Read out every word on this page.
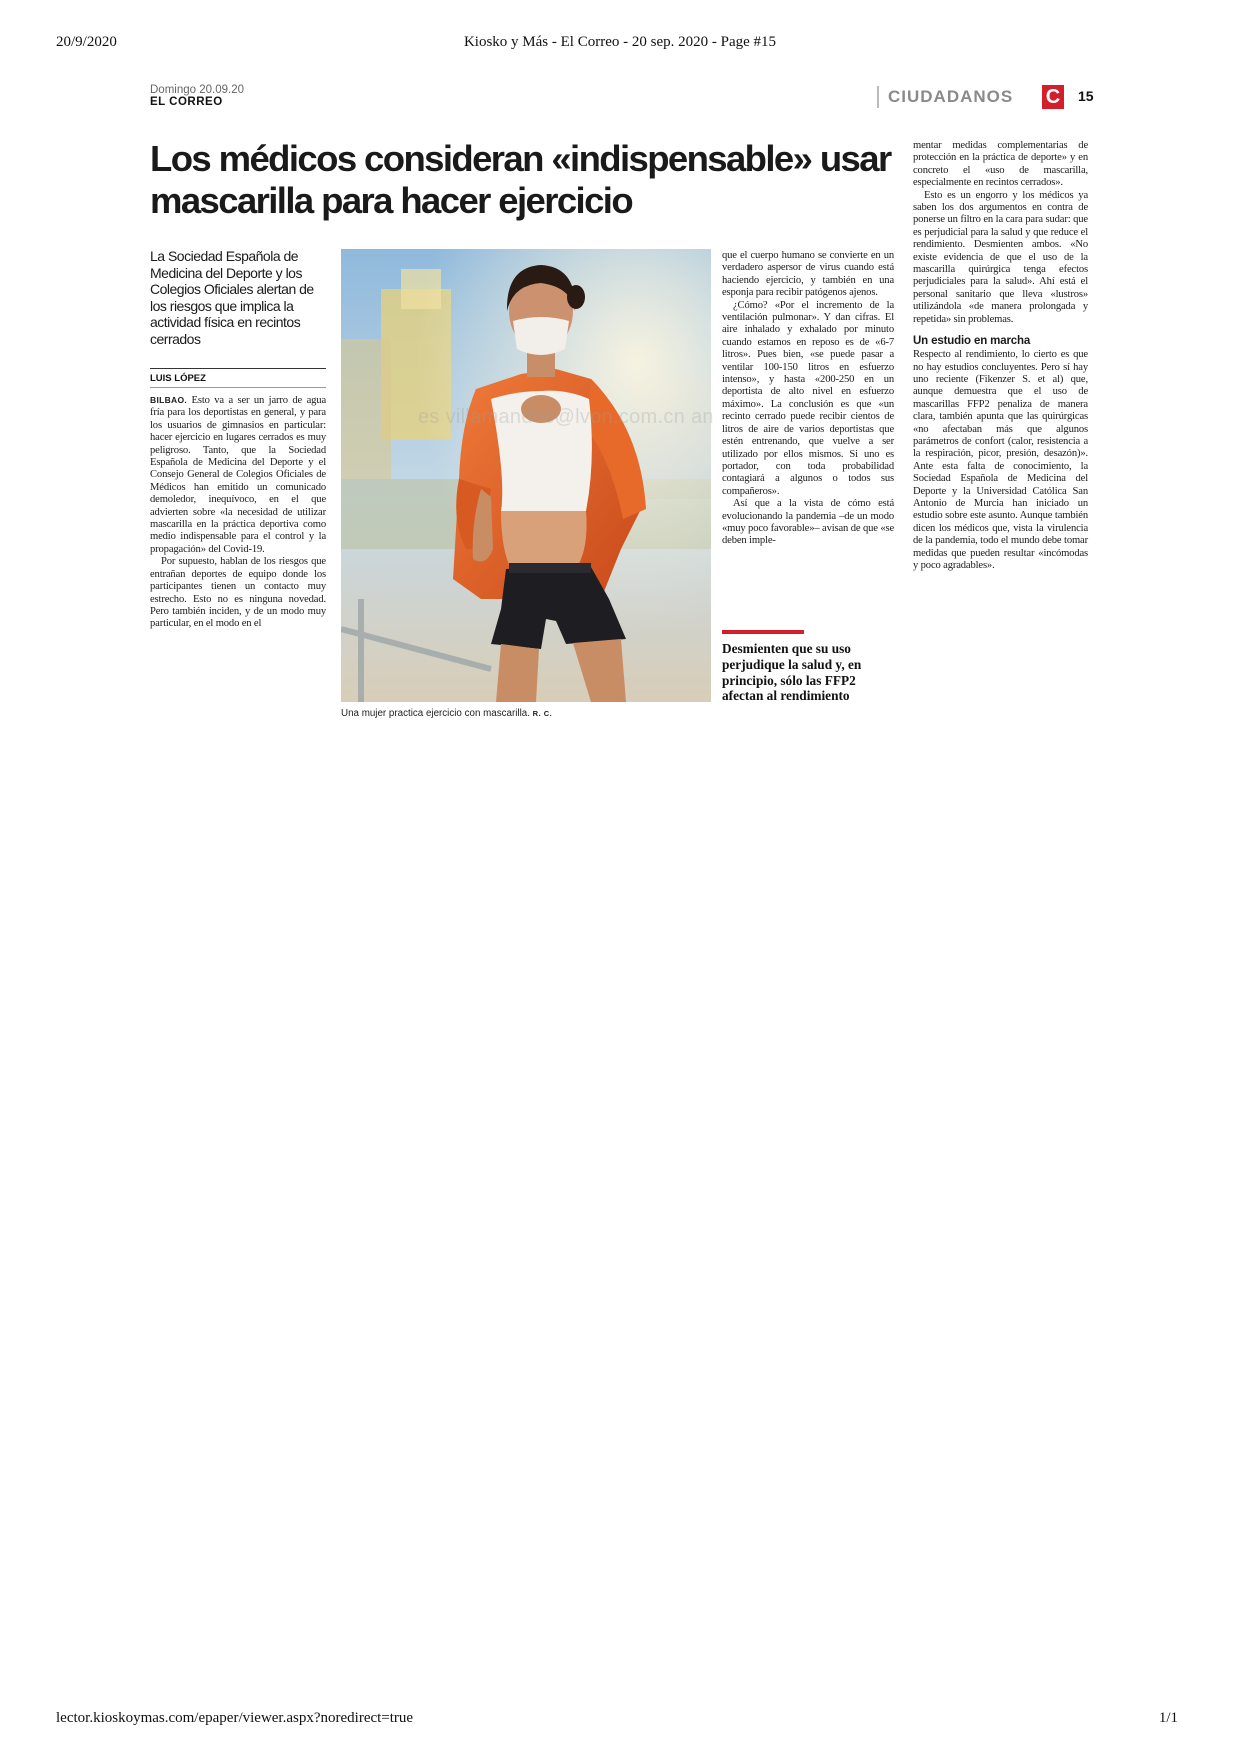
20/9/2020	Kiosko y Más - El Correo - 20 sep. 2020 - Page #15
Domingo 20.09.20
EL CORREO	CIUDADANOS C 15
Los médicos consideran «indispensable» usar mascarilla para hacer ejercicio
La Sociedad Española de Medicina del Deporte y los Colegios Oficiales alertan de los riesgos que implica la actividad física en recintos cerrados
LUIS LÓPEZ

BILBAO. Esto va a ser un jarro de agua fría para los deportistas en general, y para los usuarios de gimnasios en particular: hacer ejercicio en lugares cerrados es muy peligroso. Tanto, que la Sociedad Española de Medicina del Deporte y el Consejo General de Colegios Oficiales de Médicos han emitido un comunicado demoledor, inequívoco, en el que advierten sobre «la necesidad de utilizar mascarilla en la práctica deportiva como medio indispensable para el control y la propagación» del Covid-19.

Por supuesto, hablan de los riesgos que entrañan deportes de equipo donde los participantes tienen un contacto muy estrecho. Esto no es ninguna novedad. Pero también inciden, y de un modo muy particular, en el modo en el

Una mujer practica ejercicio con mascarilla. R. C.

que el cuerpo humano se convierte en un verdadero aspersor de virus cuando está haciendo ejercicio, y también en una esponja para recibir patógenos ajenos.

¿Cómo? «Por el incremento de la ventilación pulmonar». Y dan cifras. El aire inhalado y exhalado por minuto cuando estamos en reposo es de «6-7 litros». Pues bien, «se puede pasar a ventilar 100-150 litros en esfuerzo intenso», y hasta «200-250 en un deportista de alto nivel en esfuerzo máximo». La conclusión es que «un recinto cerrado puede recibir cientos de litros de aire de varios deportistas que estén entrenando, que vuelve a ser utilizado por ellos mismos. Si uno es portador, con toda probabilidad contagiará a algunos o todos sus compañeros».

Así que a la vista de cómo está evolucionando la pandemia –de un modo «muy poco favorable»– avisan de que «se deben imple-

Desmienten que su uso perjudique la salud y, en principio, sólo las FFP2 afectan al rendimiento

mentar medidas complementarias de protección en la práctica de deporte» y en concreto el «uso de mascarilla, especialmente en recintos cerrados».

Esto es un engorro y los médicos ya saben los dos argumentos en contra de ponerse un filtro en la cara para sudar: que es perjudicial para la salud y que reduce el rendimiento. Desmienten ambos. «No existe evidencia de que el uso de la mascarilla quirúrgica tenga efectos perjudiciales para la salud». Ahí está el personal sanitario que lleva «lustros» utilizándola «de manera prolongada y repetida» sin problemas.

Un estudio en marcha

Respecto al rendimiento, lo cierto es que no hay estudios concluyentes. Pero sí hay uno reciente (Fikenzer S. et al) que, aunque demuestra que el uso de mascarillas FFP2 penaliza de manera clara, también apunta que las quirúrgicas «no afectaban más que algunos parámetros de confort (calor, resistencia a la respiración, picor, presión, desazón)». Ante esta falta de conocimiento, la Sociedad Española de Medicina del Deporte y la Universidad Católica San Antonio de Murcia han iniciado un estudio sobre este asunto. Aunque también dicen los médicos que, vista la virulencia de la pandemia, todo el mundo debe tomar medidas que pueden resultar «incómodas y poco agradables».

es villamandos@lvon.com.cn an
lector.kioskoymas.com/epaper/viewer.aspx?noredirect=true	1/1
